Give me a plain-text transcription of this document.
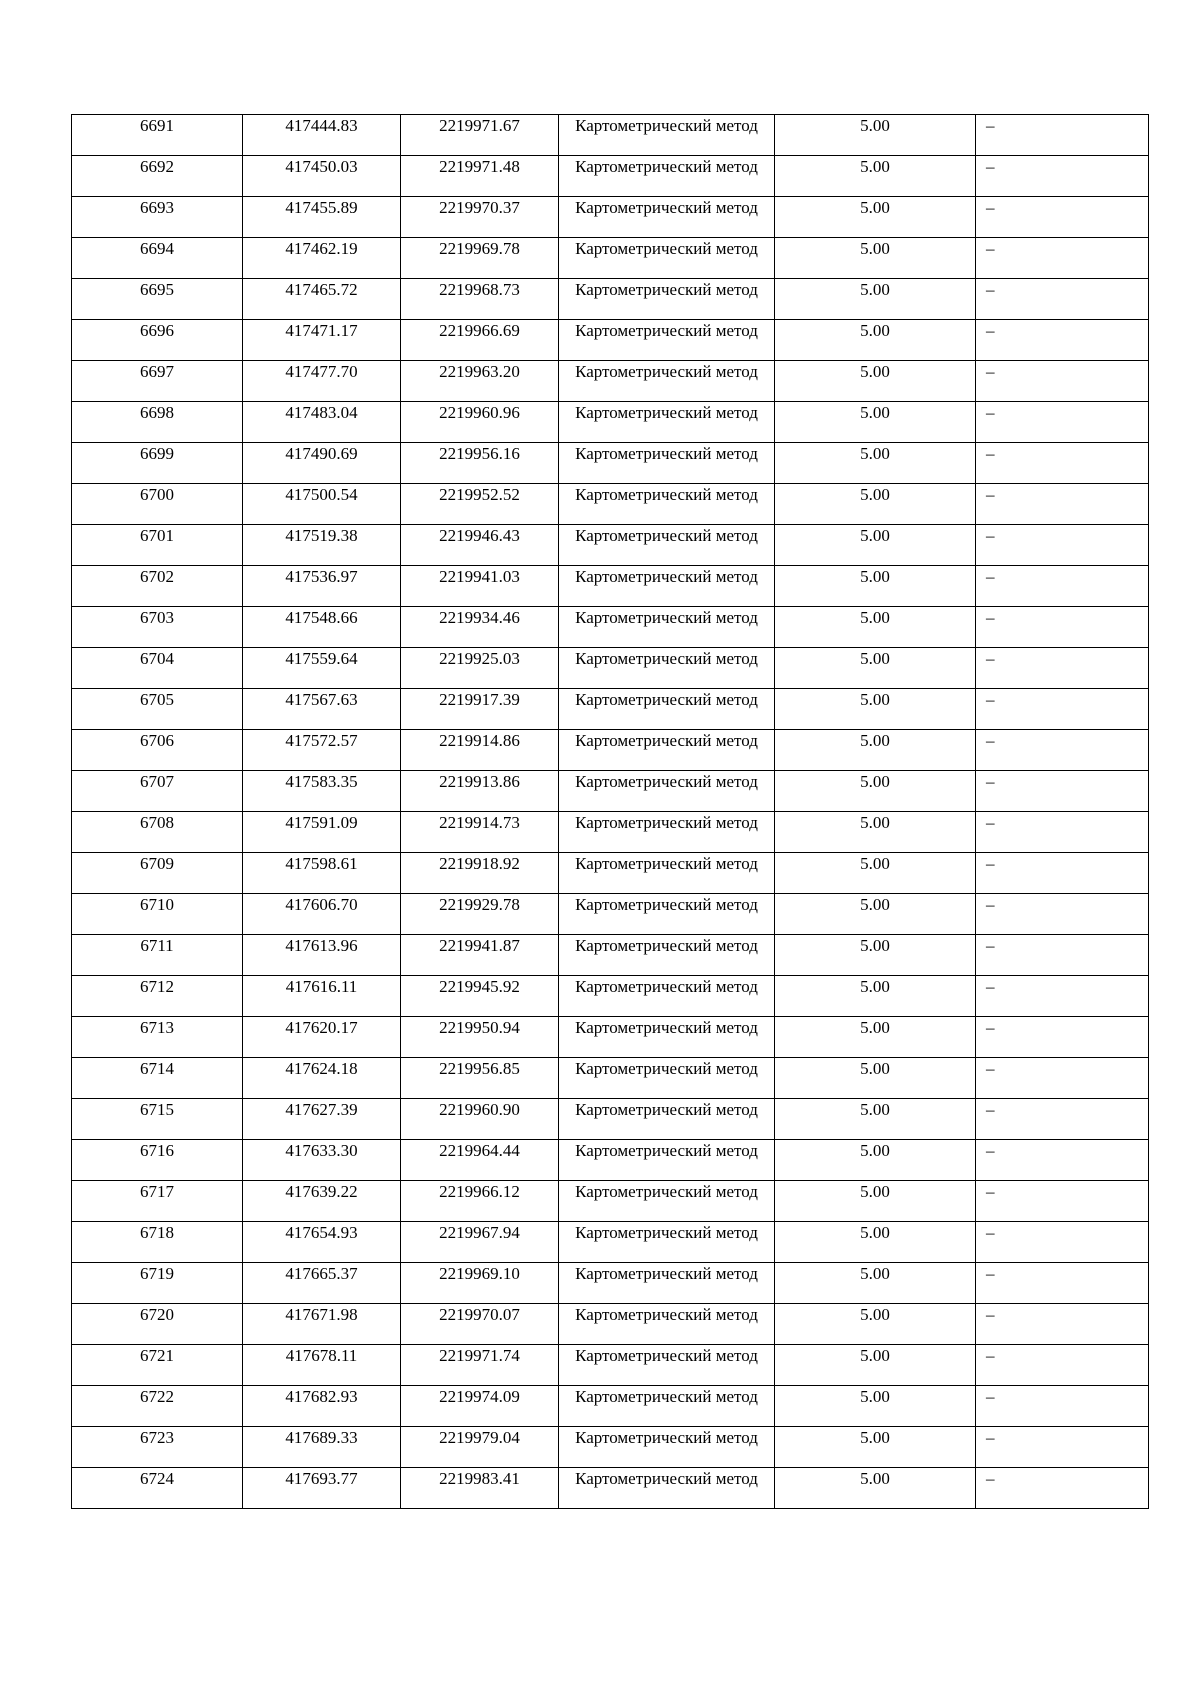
6691	417444.83	2219971.67	Картометрический метод	5.00	–

6692	417450.03	2219971.48	Картометрический метод	5.00	–

6693	417455.89	2219970.37	Картометрический метод	5.00	–

6694	417462.19	2219969.78	Картометрический метод	5.00	–

6695	417465.72	2219968.73	Картометрический метод	5.00	–

6696	417471.17	2219966.69	Картометрический метод	5.00	–

6697	417477.70	2219963.20	Картометрический метод	5.00	–

6698	417483.04	2219960.96	Картометрический метод	5.00	–

6699	417490.69	2219956.16	Картометрический метод	5.00	–

6700	417500.54	2219952.52	Картометрический метод	5.00	–

6701	417519.38	2219946.43	Картометрический метод	5.00	–

6702	417536.97	2219941.03	Картометрический метод	5.00	–

6703	417548.66	2219934.46	Картометрический метод	5.00	–

6704	417559.64	2219925.03	Картометрический метод	5.00	–

6705	417567.63	2219917.39	Картометрический метод	5.00	–

6706	417572.57	2219914.86	Картометрический метод	5.00	–

6707	417583.35	2219913.86	Картометрический метод	5.00	–

6708	417591.09	2219914.73	Картометрический метод	5.00	–

6709	417598.61	2219918.92	Картометрический метод	5.00	–

6710	417606.70	2219929.78	Картометрический метод	5.00	–

6711	417613.96	2219941.87	Картометрический метод	5.00	–

6712	417616.11	2219945.92	Картометрический метод	5.00	–

6713	417620.17	2219950.94	Картометрический метод	5.00	–

6714	417624.18	2219956.85	Картометрический метод	5.00	–

6715	417627.39	2219960.90	Картометрический метод	5.00	–

6716	417633.30	2219964.44	Картометрический метод	5.00	–

6717	417639.22	2219966.12	Картометрический метод	5.00	–

6718	417654.93	2219967.94	Картометрический метод	5.00	–

6719	417665.37	2219969.10	Картометрический метод	5.00	–

6720	417671.98	2219970.07	Картометрический метод	5.00	–

6721	417678.11	2219971.74	Картометрический метод	5.00	–

6722	417682.93	2219974.09	Картометрический метод	5.00	–

6723	417689.33	2219979.04	Картометрический метод	5.00	–

6724	417693.77	2219983.41	Картометрический метод	5.00	–
